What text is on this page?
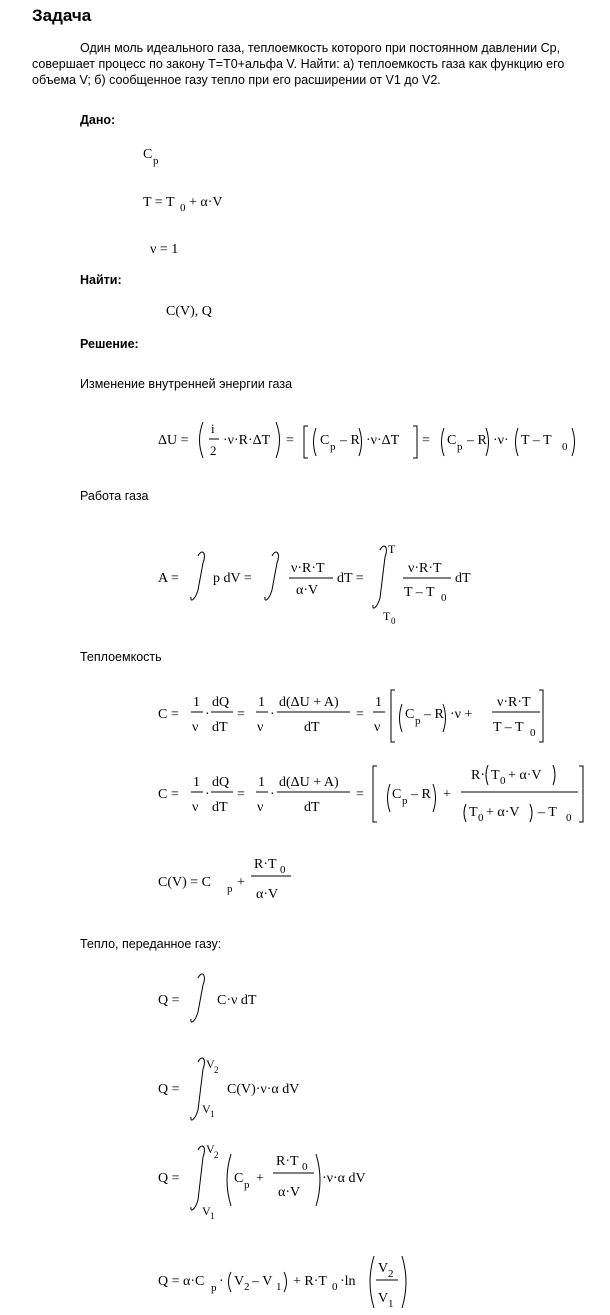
Задача
Один моль идеального газа, теплоемкость которого при постоянном давлении Cp, совершает процесс по закону T=T0+альфа V. Найти: а) теплоемкость газа как функцию его объема V; б) сообщенное газу тепло при его расширении от V1 до V2.
Дано:
Найти:
Решение:
Изменение внутренней энергии газа
Работа газа
Теплоемкость
Тепло, переданное газу:
C(V), Q
C p
T = T 0 + α·V
ν = 1
ΔU =
i
2
·ν·R·ΔT = C p – R ·ν·ΔT = C p – R ·ν· T – T 0
A = p dV =
ν·R·T
α·V
dT =
T
T 0
ν·R·T
T – T 0
dT
C =
1
ν
·
dQ
dT
=
1
ν
·
d(ΔU + A)
dT
=
1
ν
C p – R ·ν +
ν·R·T
T – T 0
C =
1
ν
·
dQ
dT
=
1
ν
·
d(ΔU + A)
dT
= C p – R +
R· T 0 + α·V
T 0 + α·V – T 0
C(V) = C p +
R·T 0
α·V
Q =	C·ν dT
Q =
V 2
V 1
C(V)·ν·α dV
Q =
V 2
V 1
C p +
R·T 0
α·V
·ν·α dV
Q = α·C p · V 2 – V 1 + R·T 0 ·ln
V 2
V 1
